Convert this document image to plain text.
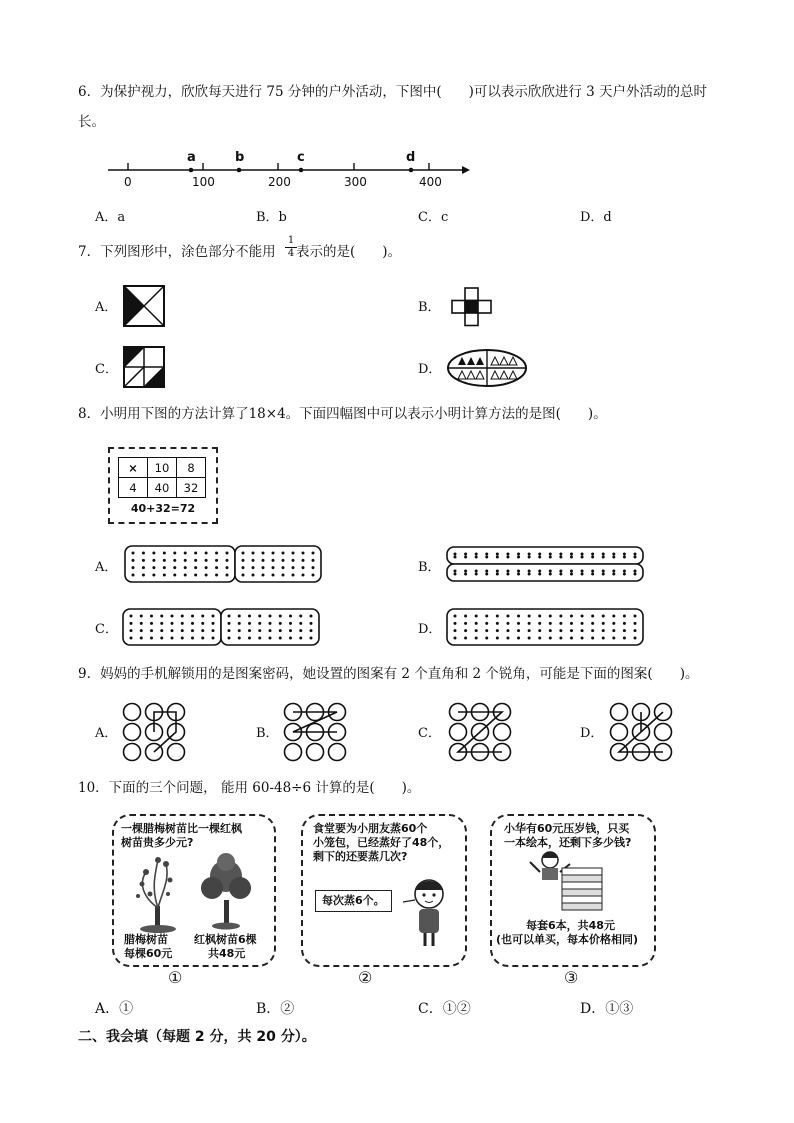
6．为保护视力，欣欣每天进行 75 分钟的户外活动，下图中(　　)可以表示欣欣进行 3 天户外活动的总时
长。
0	100	200	300	400
a	b	c	d
A．a	B．b	C．c	D．d
7．下列图形中，涂色部分不能用
1
4 表示的是(　　)。
A．	B．
C．	D．
8．小明用下图的方法计算了18×4。下面四幅图中可以表示小明计算方法的是图(　　)。
×	10	8
4	40	32
40+32=72
A．	B．
C．	D．
9．妈妈的手机解锁用的是图案密码，她设置的图案有 2 个直角和 2 个锐角，可能是下面的图案(　　)。
A．	B．	C．	D．
10．下面的三个问题， 能用 60-48÷6 计算的是(　　)。
一棵腊梅树苗比一棵红枫
树苗贵多少元?
腊梅树苗
每棵60元
红枫树苗6棵
共48元
①
食堂要为小朋友蒸60个
小笼包，已经蒸好了48个，
剩下的还要蒸几次?
每次蒸6个。
②
小华有60元压岁钱，只买
一本绘本，还剩下多少钱?
每套6本，共48元
(也可以单买，每本价格相同)
③
A．①	B．②	C．①②	D．①③
二、我会填（每题 2 分，共 20 分）。
